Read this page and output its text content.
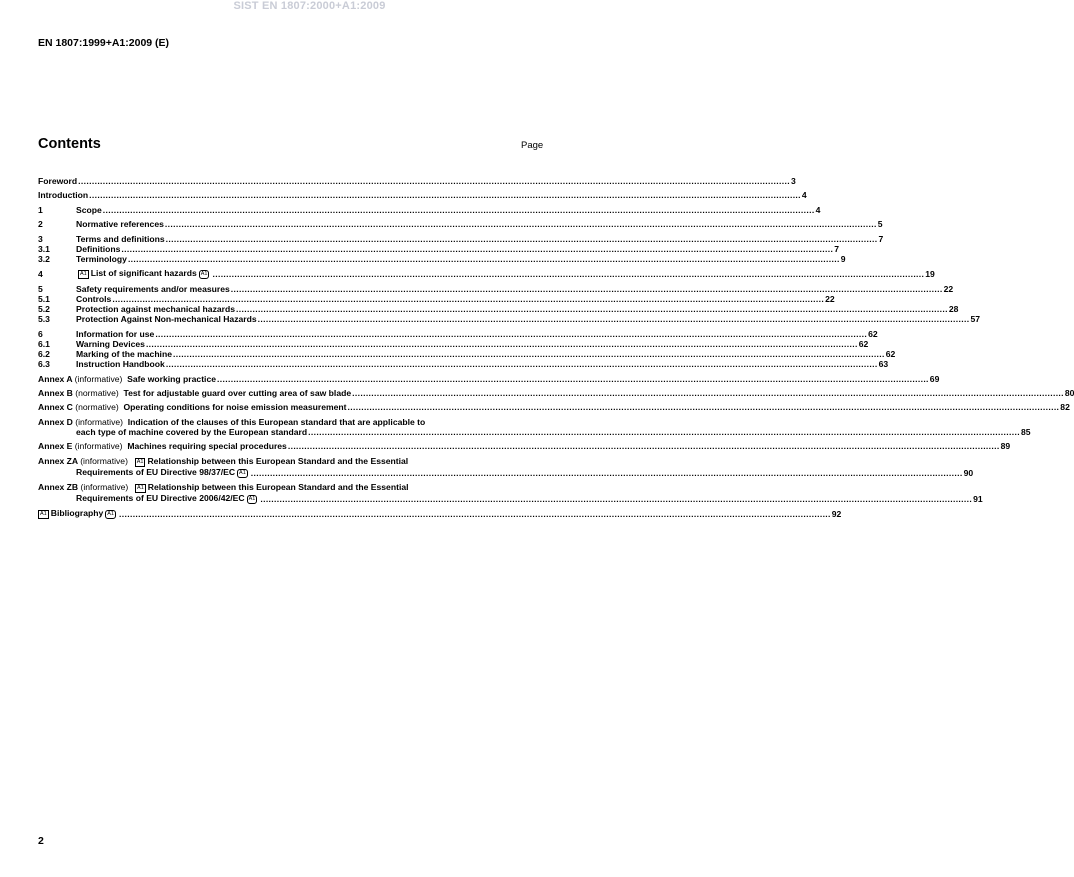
SIST EN 1807:2000+A1:2009
EN 1807:1999+A1:2009 (E)
Contents	Page
Foreword .................................................................................................................................................................................................................................................................... 3
Introduction .................................................................................................................................................................................................................................................................... 4
1	Scope .................................................................................................................................................................................................................................................................... 4
2	Normative references .................................................................................................................................................................................................................................................................... 5
3	Terms and definitions .................................................................................................................................................................................................................................................................... 7
3.1	Definitions .................................................................................................................................................................................................................................................................... 7
3.2	Terminology .................................................................................................................................................................................................................................................................... 9
4	A1 List of significant hazards A1 .................................................................................................................................................................................................................................................................... 19
5	Safety requirements and/or measures .................................................................................................................................................................................................................................................................... 22
5.1	Controls .................................................................................................................................................................................................................................................................... 22
5.2	Protection against mechanical hazards .................................................................................................................................................................................................................................................................... 28
5.3	Protection Against Non-mechanical Hazards .................................................................................................................................................................................................................................................................... 57
6	Information for use .................................................................................................................................................................................................................................................................... 62
6.1	Warning Devices .................................................................................................................................................................................................................................................................... 62
6.2	Marking of the machine .................................................................................................................................................................................................................................................................... 62
6.3	Instruction Handbook .................................................................................................................................................................................................................................................................... 63
Annex A (informative) Safe working practice .................................................................................................................................................................................................................................................................... 69
Annex B (normative) Test for adjustable guard over cutting area of saw blade .................................................................................................................................................................................................................................................................... 80
Annex C (normative) Operating conditions for noise emission measurement .................................................................................................................................................................................................................................................................... 82
Annex D (informative) Indication of the clauses of this European standard that are applicable to
each type of machine covered by the European standard .................................................................................................................................................................................................................................................................... 85
Annex E (informative) Machines requiring special procedures .................................................................................................................................................................................................................................................................... 89
Annex ZA (informative) A1 Relationship between this European Standard and the Essential
Requirements of EU Directive 98/37/EC A1 .................................................................................................................................................................................................................................................................... 90
Annex ZB (informative) A1 Relationship between this European Standard and the Essential
Requirements of EU Directive 2006/42/EC A1 .................................................................................................................................................................................................................................................................... 91
A1 Bibliography A1 .................................................................................................................................................................................................................................................................... 92
2
